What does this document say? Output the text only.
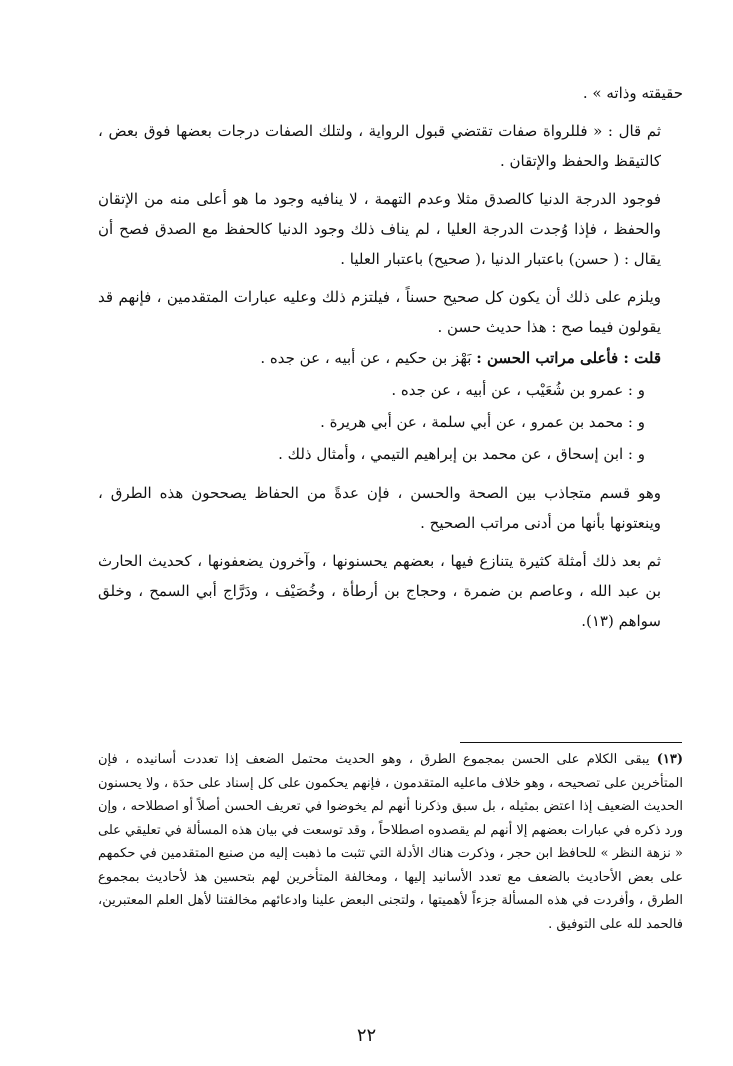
حقيقته وذاته » .

ثم قال : « فللرواة صفات تقتضي قبول الرواية ، ولتلك الصفات درجات بعضها فوق بعض ، كالتيقظ والحفظ والإتقان .

فوجود الدرجة الدنيا كالصدق مثلا وعدم التهمة ، لا ينافيه وجود ما هو أعلى منه من الإتقان والحفظ ، فإذا وُجدت الدرجة العليا ، لم يناف ذلك وجود الدنيا كالحفظ مع الصدق فصح أن يقال : ( حسن) باعتبار الدنيا ،( صحيح) باعتبار العليا .

ويلزم على ذلك أن يكون كل صحيح حسناً ، فيلتزم ذلك وعليه عبارات المتقدمين ، فإنهم قد يقولون فيما صح : هذا حديث حسن .

قلت : فأعلى مراتب الحسن : بَهْز بن حكيم ، عن أبيه ، عن جده .

و : عمرو بن شُعَيْب ، عن أبيه ، عن جده .

و : محمد بن عمرو ، عن أبي سلمة ، عن أبي هريرة .

و : ابن إسحاق ، عن محمد بن إبراهيم التيمي ، وأمثال ذلك .

وهو قسم متجاذب بين الصحة والحسن ، فإن عدةً من الحفاظ يصححون هذه الطرق ، وينعتونها بأنها من أدنى مراتب الصحيح .

ثم بعد ذلك أمثلة كثيرة يتنازع فيها ، بعضهم يحسنونها ، وآخرون يضعفونها ، كحديث الحارث بن عبد الله ، وعاصم بن ضمرة ، وحجاج بن أرطأة ، وخُصَيْف ، ودَرَّاج أبي السمح ، وخلق سواهم (١٣).

(١٣) يبقى الكلام على الحسن بمجموع الطرق ، وهو الحديث محتمل الضعف إذا تعددت أسانيده ، فإن المتأخرين على تصحيحه ، وهو خلاف ماعليه المتقدمون ، فإنهم يحكمون على كل إسناد على حدَة ، ولا يحسنون الحديث الضعيف إذا اعتض بمثيله ، بل سبق وذكرنا أنهم لم يخوضوا في تعريف الحسن أصلاً أو اصطلاحه ، وإن ورد ذكره في عبارات بعضهم إلا أنهم لم يقصدوه اصطلاحاً ، وقد توسعت في بيان هذه المسألة في تعليقي على « نزهة النظر » للحافظ ابن حجر ، وذكرت هناك الأدلة التي تثبت ما ذهبت إليه من صنيع المتقدمين في حكمهم على بعض الأحاديث بالضعف مع تعدد الأسانيد إليها ، ومخالفة المتأخرين لهم بتحسين هذ لأحاديث بمجموع الطرق ، وأفردت في هذه المسألة جزءاً لأهميتها ، ولتجنى البعض علينا وادعائهم مخالفتنا لأهل العلم المعتبرين، فالحمد لله على التوفيق .

٢٢
